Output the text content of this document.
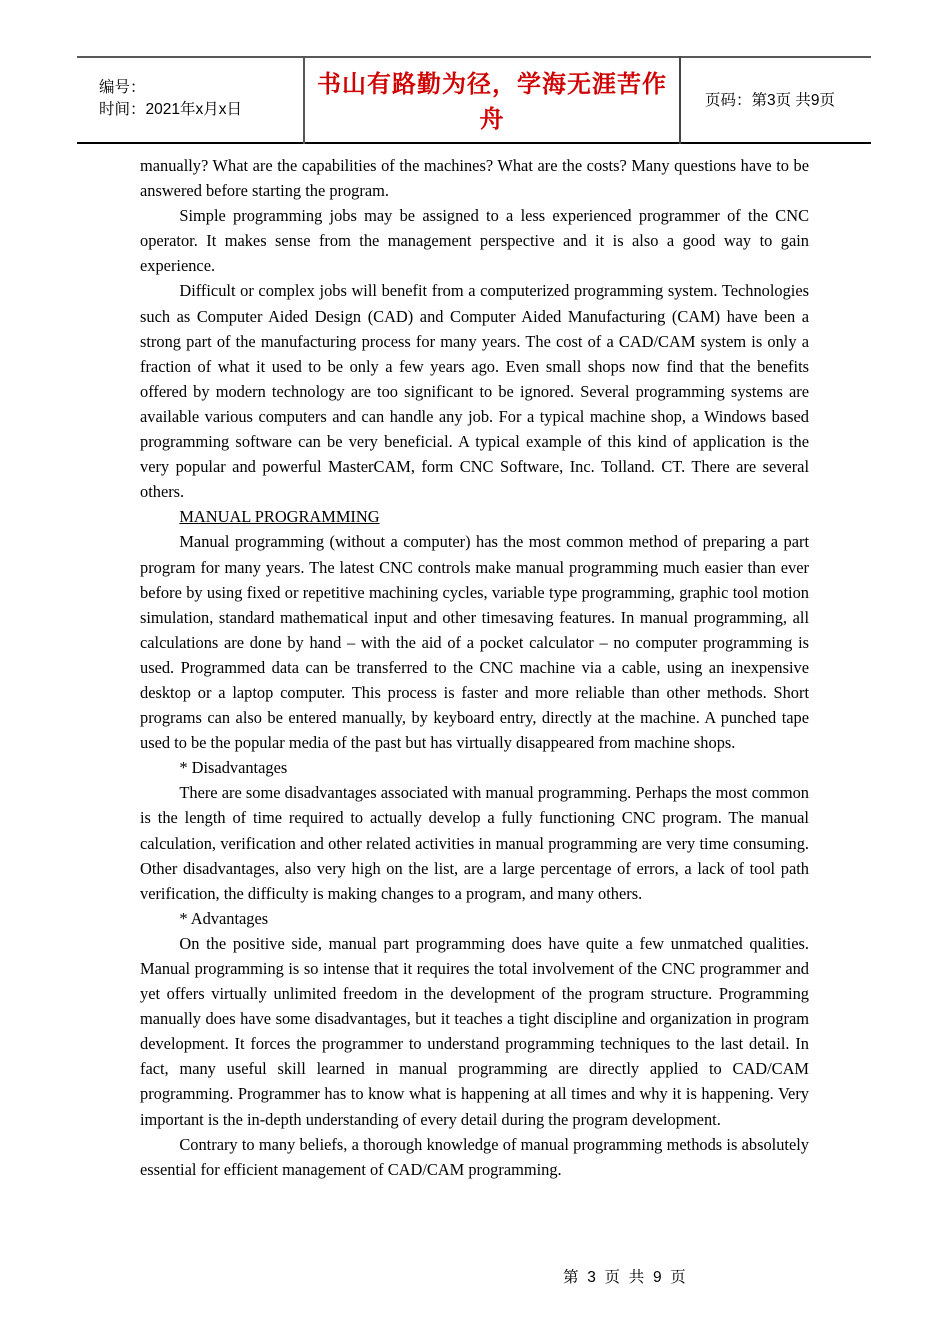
编号：
时间：2021年x月x日
	书山有路勤为径，学海无涯苦作舟	页码：第3页 共9页

manually? What are the capabilities of the machines? What are the costs? Many questions have to be answered before starting the program.

Simple programming jobs may be assigned to a less experienced programmer of the CNC operator. It makes sense from the management perspective and it is also a good way to gain experience.

Difficult or complex jobs will benefit from a computerized programming system. Technologies such as Computer Aided Design (CAD) and Computer Aided Manufacturing (CAM) have been a strong part of the manufacturing process for many years. The cost of a CAD/CAM system is only a fraction of what it used to be only a few years ago. Even small shops now find that the benefits offered by modern technology are too significant to be ignored. Several programming systems are available various computers and can handle any job. For a typical machine shop, a Windows based programming software can be very beneficial. A typical example of this kind of application is the very popular and powerful MasterCAM, form CNC Software, Inc. Tolland. CT. There are several others.

MANUAL PROGRAMMING

Manual programming (without a computer) has the most common method of preparing a part program for many years. The latest CNC controls make manual programming much easier than ever before by using fixed or repetitive machining cycles, variable type programming, graphic tool motion simulation, standard mathematical input and other timesaving features. In manual programming, all calculations are done by hand – with the aid of a pocket calculator – no computer programming is used. Programmed data can be transferred to the CNC machine via a cable, using an inexpensive desktop or a laptop computer. This process is faster and more reliable than other methods. Short programs can also be entered manually, by keyboard entry, directly at the machine. A punched tape used to be the popular media of the past but has virtually disappeared from machine shops.

* Disadvantages

There are some disadvantages associated with manual programming. Perhaps the most common is the length of time required to actually develop a fully functioning CNC program. The manual calculation, verification and other related activities in manual programming are very time consuming. Other disadvantages, also very high on the list, are a large percentage of errors, a lack of tool path verification, the difficulty is making changes to a program, and many others.

* Advantages

On the positive side, manual part programming does have quite a few unmatched qualities. Manual programming is so intense that it requires the total involvement of the CNC programmer and yet offers virtually unlimited freedom in the development of the program structure. Programming manually does have some disadvantages, but it teaches a tight discipline and organization in program development. It forces the programmer to understand programming techniques to the last detail. In fact, many useful skill learned in manual programming are directly applied to CAD/CAM programming. Programmer has to know what is happening at all times and why it is happening. Very important is the in-depth understanding of every detail during the program development.

Contrary to many beliefs, a thorough knowledge of manual programming methods is absolutely essential for efficient management of CAD/CAM programming.

第 3 页 共 9 页
